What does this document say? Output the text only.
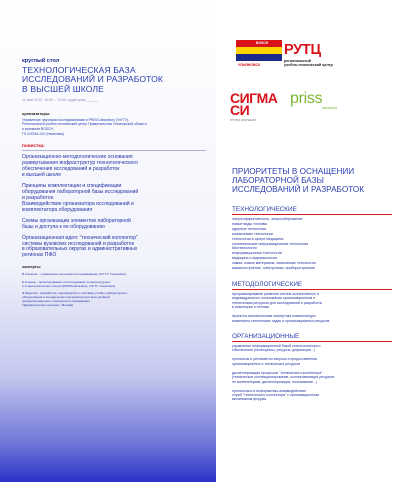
круглый стол
ТЕХНОЛОГИЧЕСКАЯ БАЗА
ИССЛЕДОВАНИЙ И РАЗРАБОТОК
В ВЫСШЕЙ ШКОЛЕ
11 мая 2012, 10:00 – 13:00, аудитория ______
организаторы:
Управление научными исследованиями и PRISS-laboratory (УлГТУ),
Региональный учебно-технический центр Правительства Ульяновской области
и компании BOSCH,
ГК СИГМА-СИ (Ульяновск)
повестка:
Организационно-методологические основания
развертывания инфраструктур технологического
обеспечения исследований и разработок
в высшей школе
Принципы комплектации и спецификации
оборудования лабораторной базы исследований
и разработок.
Взаимодействие организатора исследований и
комплектатора оборудования
Схемы организации элементов лабораторной
базы и доступа к ее оборудованию
Организационная идея: "технический коллектор"
системы вузовских исследований и разработок
в образовательных округах и административных
регионах ПФО
эксперты:
В.Сахаров – управление научными исследованиями (УлГТУ, Ульяновск)
Е.Сорков – проектирование и исследование соціокультурных
и социотехнических систем (PRISS-laboratory, УлГТУ, Ульяновск)
Ф.Федотов - разработка, производство и поставка учебно-лабораторного
оборудования и методических материалов для всех уровней
профессионального технического образования
("Дидактические системы", Москва)
BOSCH
УЛЬЯНОВСК
РУТЦ
региональный
учебно-технический центр
СИГМА
СИ
ГРУППА КОМПАНИЙ
priss
laboratory
ПРИОРИТЕТЫ В ОСНАЩЕНИИ
ЛАБОРАТОРНОЙ БАЗЫ
ИССЛЕДОВАНИЙ И РАЗРАБОТОК
ТЕХНОЛОГИЧЕСКИЕ
энергоэффективность, энергосбережение
новые виды топлива
ядерные технологии
космические технологии
технологии в сфере медицины
стратегические информационные технологии
биотехнологии
информационные технологии
медицина и фармакология
химия, новые материалы, химические технологии
машиностроение, электроника, приборостроение
МЕТОДОЛОГИЧЕСКИЕ
программирование развития систем коллективного и
индивидуального пользования организационным и
техническим ресурсом для исследований и разработок
в инженерии и технике
проектно-аналитическая экспертиза номенклатуры
инженерно-технических задач и организационных ресурсов
ОРГАНИЗАЦИОННЫЕ
управление информационной базой технологического
обеспечения (потенциалы, ресурсы, дефиниции...)
протоколы и регламенты запроса и предоставления
организационных и технических ресурсов
диспетчеризация процессов "технического коллектора"
(техническое коллекционирование, коллективизация ресурсов
по компетенциям, диспетчеризация, пользование...)
протокольно и информатико-взаимодействие
служб "технического коллектора" с организационным
механизмом форума
